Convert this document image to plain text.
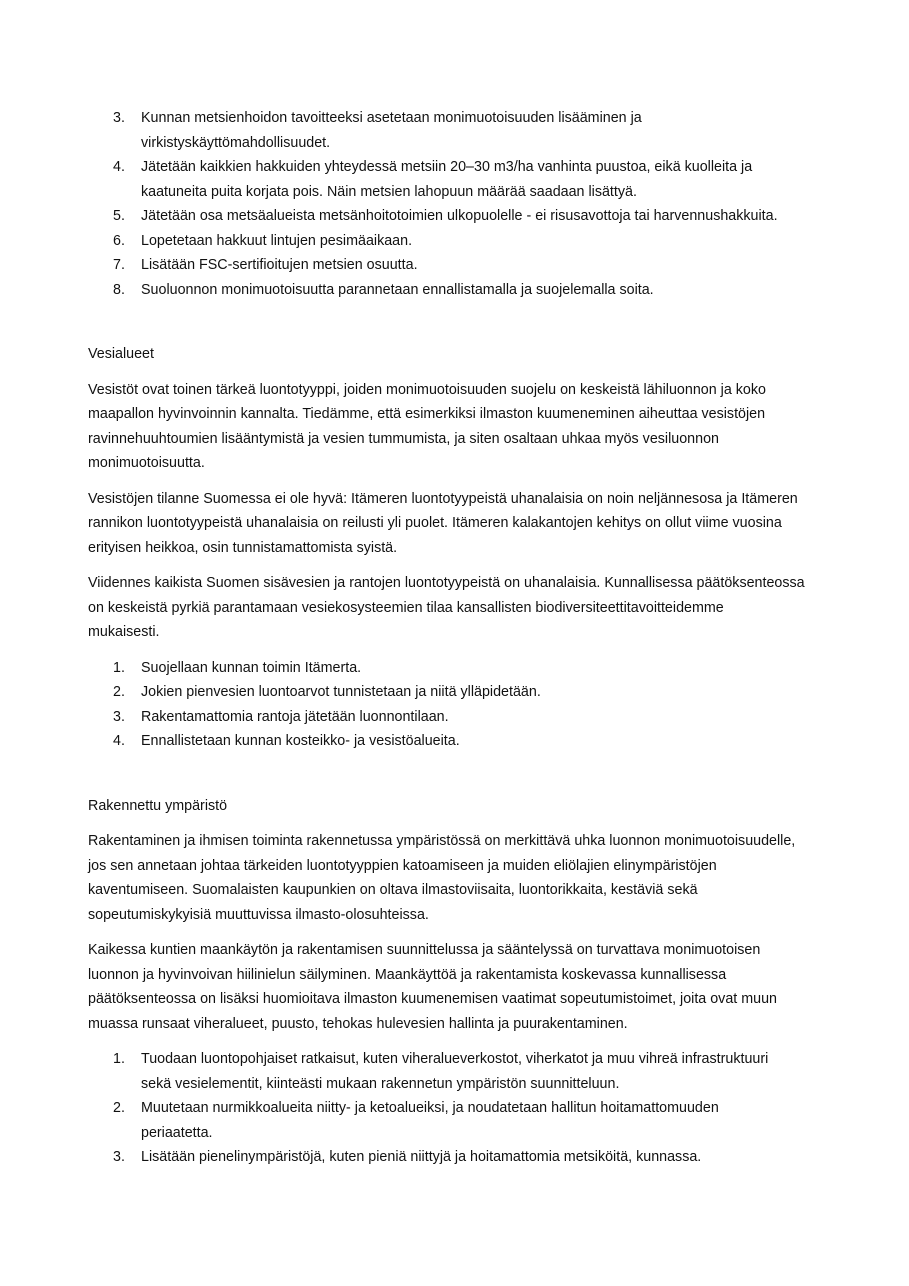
3. Kunnan metsienhoidon tavoitteeksi asetetaan monimuotoisuuden lisääminen ja
virkistyskäyttömahdollisuudet.
4. Jätetään kaikkien hakkuiden yhteydessä metsiin 20–30 m3/ha vanhinta puustoa, eikä kuolleita ja
kaatuneita puita korjata pois. Näin metsien lahopuun määrää saadaan lisättyä.
5. Jätetään osa metsäalueista metsänhoitotoimien ulkopuolelle - ei risusavottoja tai harvennushakkuita.
6. Lopetetaan hakkuut lintujen pesimäaikaan.
7. Lisätään FSC-sertifioitujen metsien osuutta.
8. Suoluonnon monimuotoisuutta parannetaan ennallistamalla ja suojelemalla soita.
Vesialueet
Vesistöt ovat toinen tärkeä luontotyyppi, joiden monimuotoisuuden suojelu on keskeistä lähiluonnon ja koko
maapallon hyvinvoinnin kannalta. Tiedämme, että esimerkiksi ilmaston kuumeneminen aiheuttaa vesistöjen
ravinnehuuhtoumien lisääntymistä ja vesien tummumista, ja siten osaltaan uhkaa myös vesiluonnon
monimuotoisuutta.
Vesistöjen tilanne Suomessa ei ole hyvä: Itämeren luontotyypeistä uhanalaisia on noin neljännesosa ja Itämeren
rannikon luontotyypeistä uhanalaisia on reilusti yli puolet. Itämeren kalakantojen kehitys on ollut viime vuosina
erityisen heikkoa, osin tunnistamattomista syistä.
Viidennes kaikista Suomen sisävesien ja rantojen luontotyypeistä on uhanalaisia. Kunnallisessa päätöksenteossa
on keskeistä pyrkiä parantamaan vesiekosysteemien tilaa kansallisten biodiversiteettitavoitteidemme
mukaisesti.
1. Suojellaan kunnan toimin Itämerta.
2. Jokien pienvesien luontoarvot tunnistetaan ja niitä ylläpidetään.
3. Rakentamattomia rantoja jätetään luonnontilaan.
4. Ennallistetaan kunnan kosteikko- ja vesistöalueita.
Rakennettu ympäristö
Rakentaminen ja ihmisen toiminta rakennetussa ympäristössä on merkittävä uhka luonnon monimuotoisuudelle,
jos sen annetaan johtaa tärkeiden luontotyyppien katoamiseen ja muiden eliölajien elinympäristöjen
kaventumiseen. Suomalaisten kaupunkien on oltava ilmastoviisaita, luontorikkaita, kestäviä sekä
sopeutumiskykyisiä muuttuvissa ilmasto-olosuhteissa.
Kaikessa kuntien maankäytön ja rakentamisen suunnittelussa ja sääntelyssä on turvattava monimuotoisen
luonnon ja hyvinvoivan hiilinielun säilyminen. Maankäyttöä ja rakentamista koskevassa kunnallisessa
päätöksenteossa on lisäksi huomioitava ilmaston kuumenemisen vaatimat sopeutumistoimet, joita ovat muun
muassa runsaat viheralueet, puusto, tehokas hulevesien hallinta ja puurakentaminen.
1. Tuodaan luontopohjaiset ratkaisut, kuten viheralueverkostot, viherkatot ja muu vihreä infrastruktuuri
sekä vesielementit, kiinteästi mukaan rakennetun ympäristön suunnitteluun.
2. Muutetaan nurmikkoalueita niitty- ja ketoalueiksi, ja noudatetaan hallitun hoitamattomuuden
periaatetta.
3. Lisätään pienelinympäristöjä, kuten pieniä niittyjä ja hoitamattomia metsiköitä, kunnassa.
